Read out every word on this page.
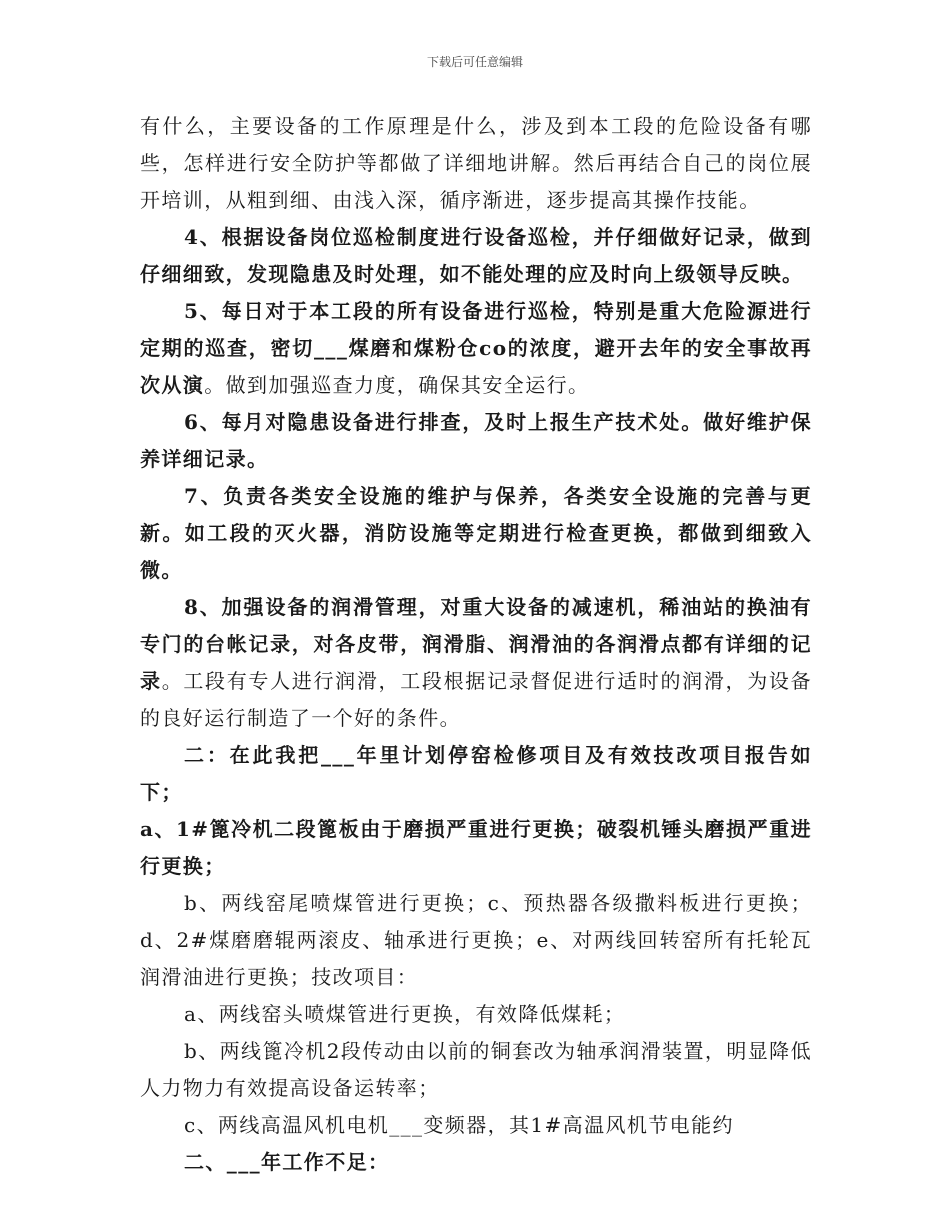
下载后可任意编辑

有什么，主要设备的工作原理是什么，涉及到本工段的危险设备有哪些，怎样进行安全防护等都做了详细地讲解。然后再结合自己的岗位展开培训，从粗到细、由浅入深，循序渐进，逐步提高其操作技能。

4、根据设备岗位巡检制度进行设备巡检，并仔细做好记录，做到仔细细致，发现隐患及时处理，如不能处理的应及时向上级领导反映。

5、每日对于本工段的所有设备进行巡检，特别是重大危险源进行定期的巡查，密切___煤磨和煤粉仓co的浓度，避开去年的安全事故再次从演。做到加强巡查力度，确保其安全运行。

6、每月对隐患设备进行排查，及时上报生产技术处。做好维护保养详细记录。

7、负责各类安全设施的维护与保养，各类安全设施的完善与更新。如工段的灭火器，消防设施等定期进行检查更换，都做到细致入微。

8、加强设备的润滑管理，对重大设备的减速机，稀油站的换油有专门的台帐记录，对各皮带，润滑脂、润滑油的各润滑点都有详细的记录。工段有专人进行润滑，工段根据记录督促进行适时的润滑，为设备的良好运行制造了一个好的条件。

二：在此我把___年里计划停窑检修项目及有效技改项目报告如下；

a、1#篦冷机二段篦板由于磨损严重进行更换；破裂机锤头磨损严重进行更换；

b、两线窑尾喷煤管进行更换；c、预热器各级撒料板进行更换；d、2#煤磨磨辊两滚皮、轴承进行更换；e、对两线回转窑所有托轮瓦润滑油进行更换；技改项目：

a、两线窑头喷煤管进行更换，有效降低煤耗；

b、两线篦冷机2段传动由以前的铜套改为轴承润滑装置，明显降低人力物力有效提高设备运转率；

c、两线高温风机电机___变频器，其1#高温风机节电能约

二、___年工作不足：
